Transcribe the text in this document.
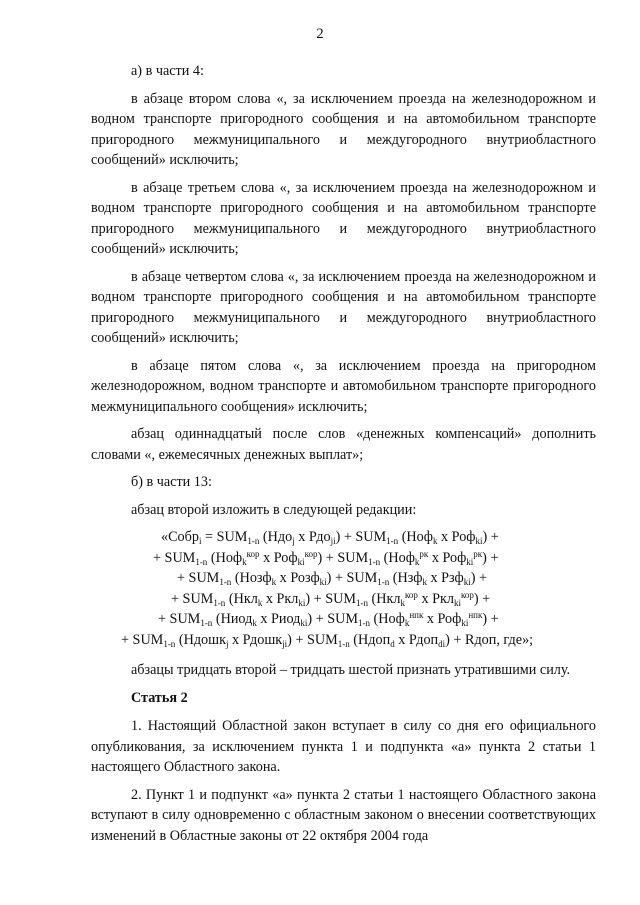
2

а) в части 4:

в абзаце втором слова «, за исключением проезда на железнодорожном и водном транспорте пригородного сообщения и на автомобильном транспорте пригородного межмуниципального и междугородного внутриобластного сообщений» исключить;

в абзаце третьем слова «, за исключением проезда на железнодорожном и водном транспорте пригородного сообщения и на автомобильном транспорте пригородного межмуниципального и междугородного внутриобластного сообщений» исключить;

в абзаце четвертом слова «, за исключением проезда на железнодорожном и водном транспорте пригородного сообщения и на автомобильном транспорте пригородного межмуниципального и междугородного внутриобластного сообщений» исключить;

в абзаце пятом слова «, за исключением проезда на пригородном железнодорожном, водном транспорте и автомобильном транспорте пригородного межмуниципального сообщения» исключить;

абзац одиннадцатый после слов «денежных компенсаций» дополнить словами «, ежемесячных денежных выплат»;

б) в части 13:

абзац второй изложить в следующей редакции:

«Собр$_i$ = $SUM_{1-n}$ (Ндо$_j$ x $Рдо_{ji}) + SUM_{1-n}$ (Ноф$_k$ x Роф$_{ki}$) +
+ $SUM_{1-n}$ (Ноф$_k^{кор}$ x $Роф_{ki}^{кор}) + SUM_{1-n}$ (Ноф$_k^{рк}$ x Роф$_{ki}^{рк}$) +
+ $SUM_{1-n}$ (Нозф$_k$ x Розф$_{ki}$) + $SUM_{1-n}$ (Нзф$_k$ x Рзф$_{ki}$) +
+ $SUM_{1-n}$ (Нкл$_k$ x $Ркл_{ki}) + SUM_{1-n}$ (Нкл$_k^{кор}$ x Ркл$_{ki}^{кор}$) +
+ $SUM_{1-n}$ (Ниод$_k$ x Риод$_{ki}$) + $SUM_{1-n}$ (Ноф$_k^{нпк}$ x Роф$_{ki}^{нпк}$) +
+ $SUM_{1-n}$ (Ндошк$_j$ x Рдошк$_{ji}$) + $SUM_{1-n}$ (Ндоп$_d$ x Рдоп$_{di}$) + Rдоп, где»;

абзацы тридцать второй – тридцать шестой признать утратившими силу.

Статья 2

1. Настоящий Областной закон вступает в силу со дня его официального опубликования, за исключением пункта 1 и подпункта «а» пункта 2 статьи 1 настоящего Областного закона.

2. Пункт 1 и подпункт «а» пункта 2 статьи 1 настоящего Областного закона вступают в силу одновременно с областным законом о внесении соответствующих изменений в Областные законы от 22 октября 2004 года
